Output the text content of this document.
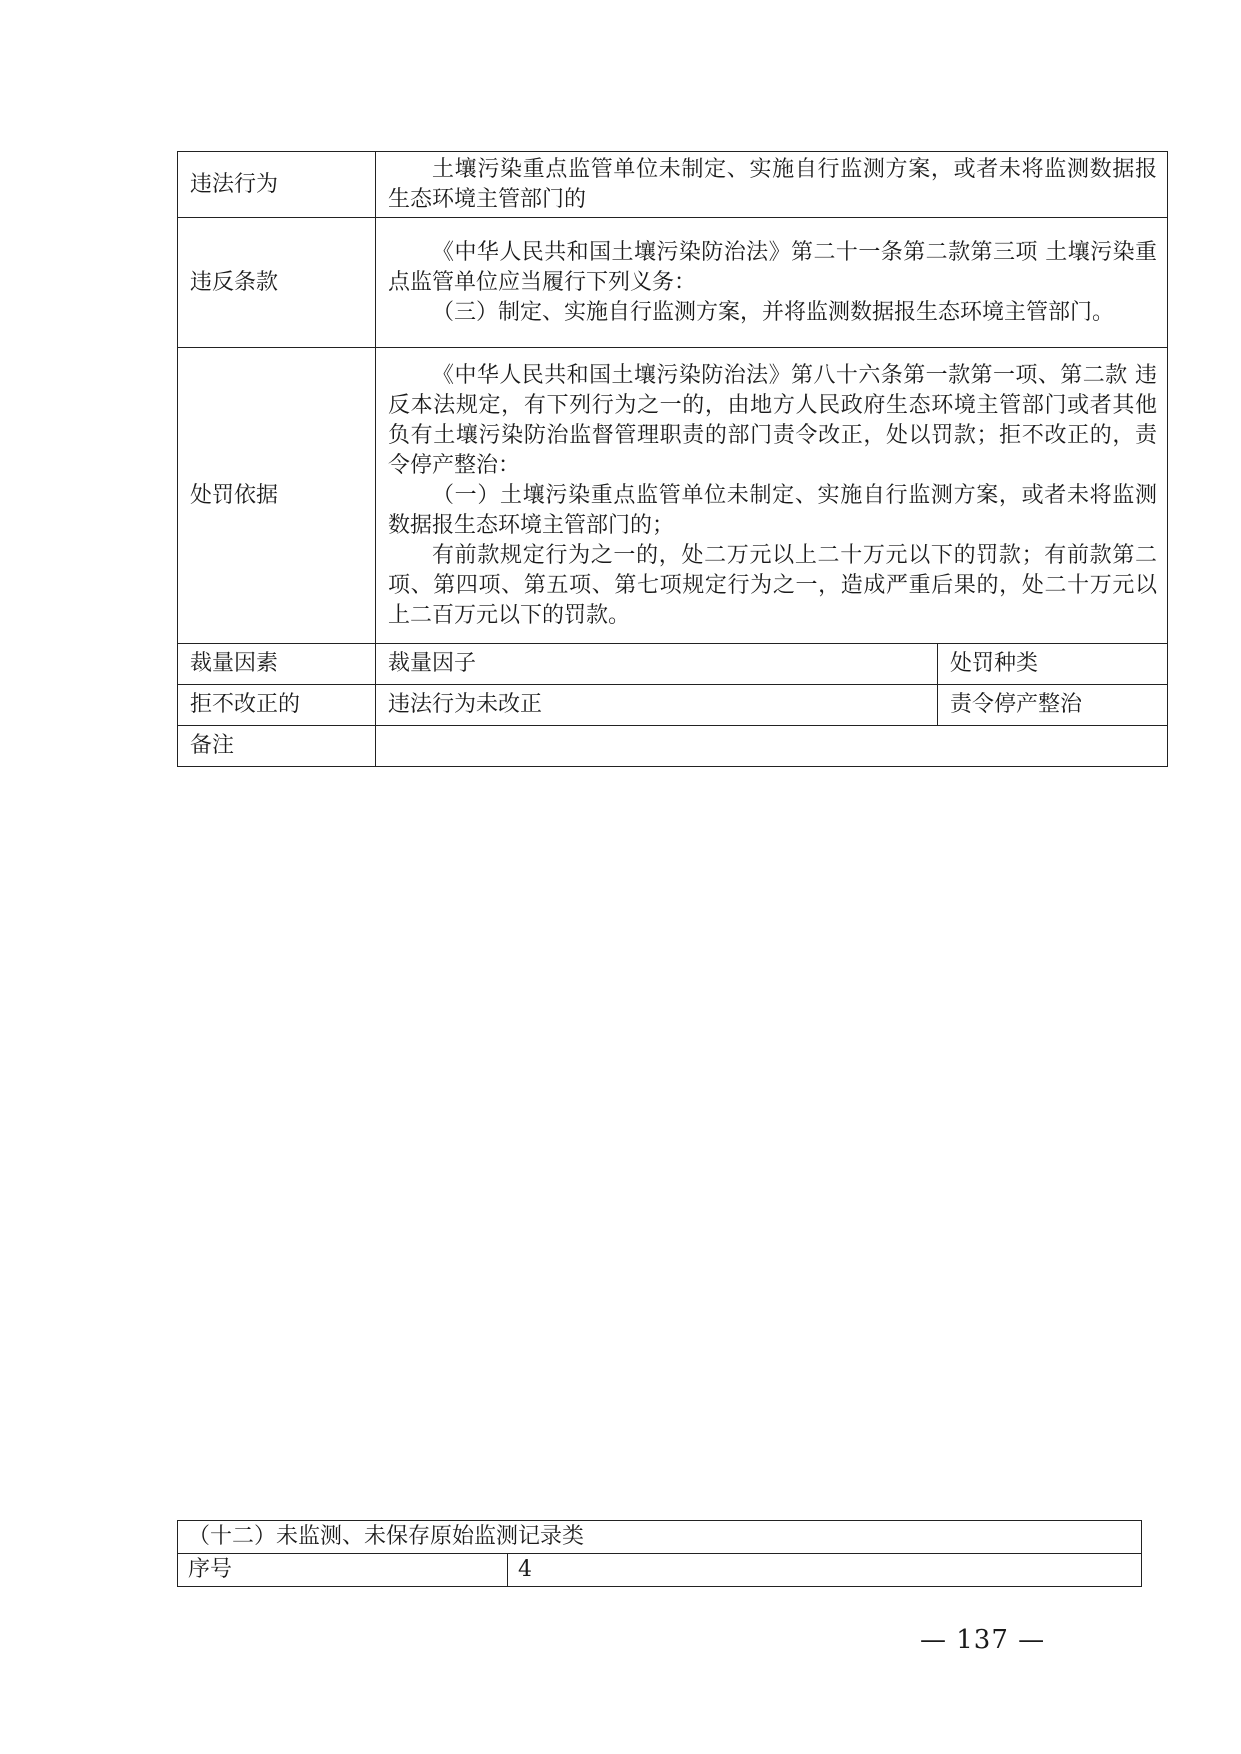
违法行为	土壤污染重点监管单位未制定、实施自行监测方案，或者未将监测数据报生态环境主管部门的	

违反条款	《中华人民共和国土壤污染防治法》第二十一条第二款第三项 土壤污染重点监管单位应当履行下列义务：
（三）制定、实施自行监测方案，并将监测数据报生态环境主管部门。	

处罚依据	《中华人民共和国土壤污染防治法》第八十六条第一款第一项、第二款 违反本法规定，有下列行为之一的，由地方人民政府生态环境主管部门或者其他负有土壤污染防治监督管理职责的部门责令改正，处以罚款；拒不改正的，责令停产整治：
（一）土壤污染重点监管单位未制定、实施自行监测方案，或者未将监测数据报生态环境主管部门的；
有前款规定行为之一的，处二万元以上二十万元以下的罚款；有前款第二项、第四项、第五项、第七项规定行为之一，造成严重后果的，处二十万元以上二百万元以下的罚款。	

裁量因素	裁量因子	处罚种类
拒不改正的	违法行为未改正	责令停产整治
备注		
（十二）未监测、未保存原始监测记录类
序号	4
— 137 —
